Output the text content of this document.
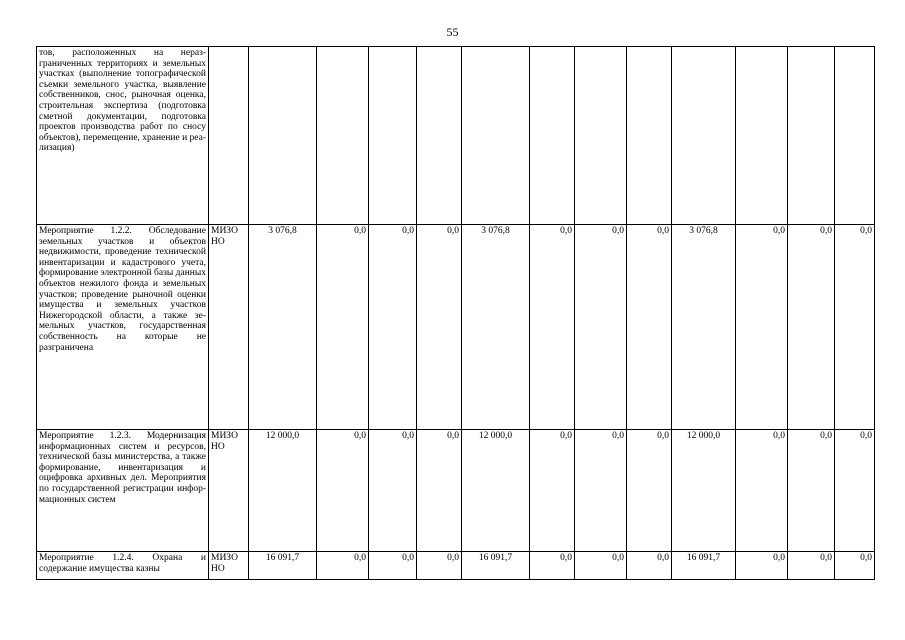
55
тов, расположенных на неразграниченных территориях и земельных участках (выполнение топографической съемки земельного участка, выявление собственников, снос, рыночная оценка, строительная экспертиза (подготовка сметной документации, подготовка проектов производства работ по сносу объектов), перемещение, хранение и реализация)													
Мероприятие 1.2.2. Обследование земельных участков и объектов недвижимости, проведение технической инвентаризации и кадастрового учета, формирование электронной базы данных объектов нежилого фонда и земельных участков; проведение рыночной оценки имущества и земельных участков Нижегородской области, а также земельных участков, государственная собственность на которые не разграничена	МИЗО НО	3 076,8	0,0	0,0	0,0	3 076,8	0,0	0,0	0,0	3 076,8	0,0	0,0	0,0
Мероприятие 1.2.3. Модернизация информационных систем и ресурсов, технической базы министерства, а также формирование, инвентаризация и оцифровка архивных дел. Мероприятия по государственной регистрации информационных систем	МИЗО НО	12 000,0	0,0	0,0	0,0	12 000,0	0,0	0,0	0,0	12 000,0	0,0	0,0	0,0
Мероприятие 1.2.4. Охрана и содержание имущества казны	МИЗО НО	16 091,7	0,0	0,0	0,0	16 091,7	0,0	0,0	0,0	16 091,7	0,0	0,0	0,0
